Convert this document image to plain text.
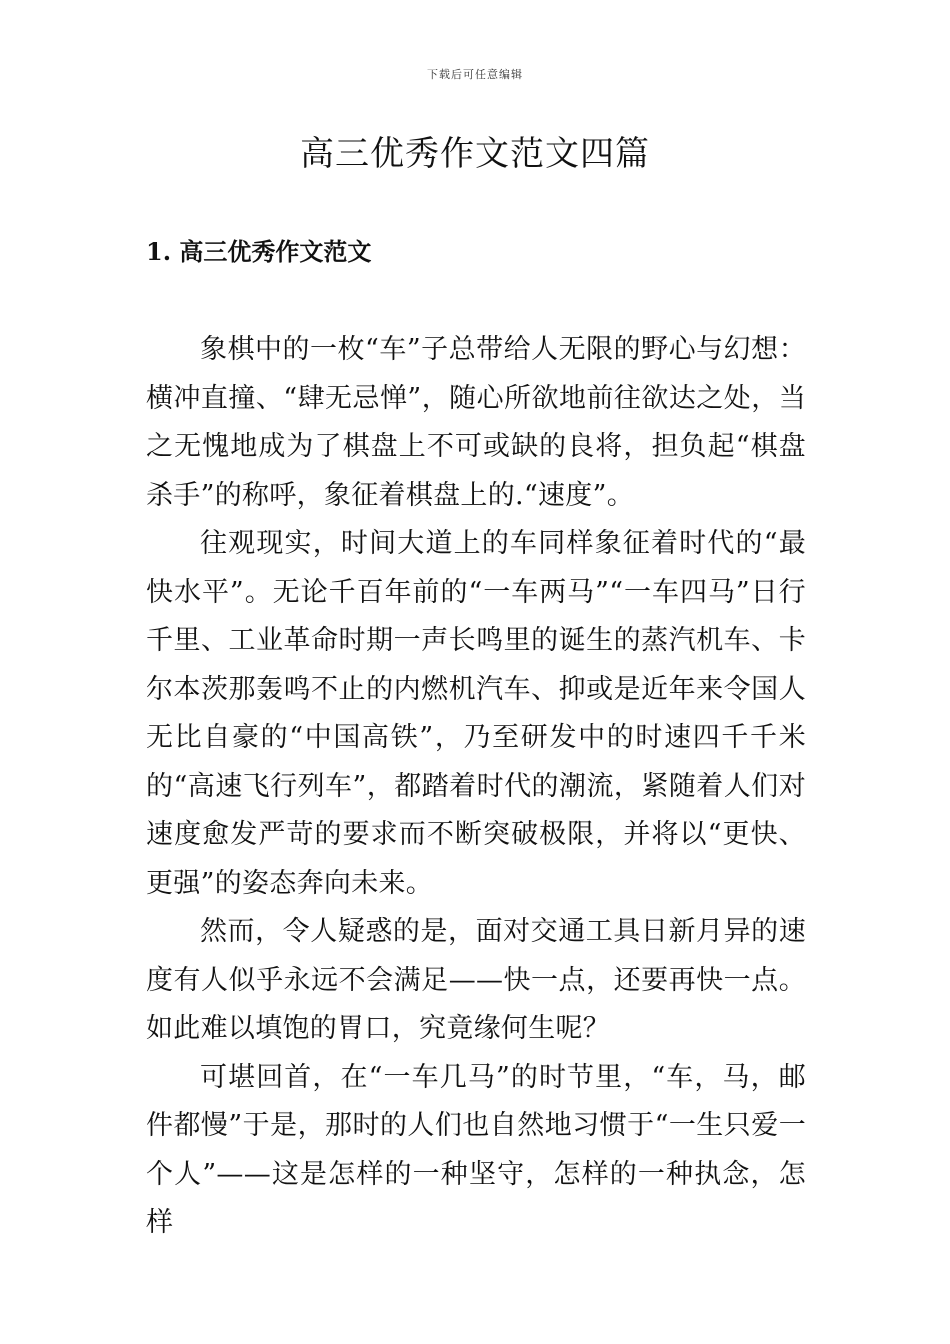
下载后可任意编辑
高三优秀作文范文四篇
1. 高三优秀作文范文

象棋中的一枚“车”子总带给人无限的野心与幻想：横冲直撞、“肆无忌惮”，随心所欲地前往欲达之处，当之无愧地成为了棋盘上不可或缺的良将，担负起“棋盘杀手”的称呼，象征着棋盘上的.“速度”。

往观现实，时间大道上的车同样象征着时代的“最快水平”。无论千百年前的“一车两马”“一车四马”日行千里、工业革命时期一声长鸣里的诞生的蒸汽机车、卡尔本茨那轰鸣不止的内燃机汽车、抑或是近年来令国人无比自豪的“中国高铁”，乃至研发中的时速四千千米的“高速飞行列车”，都踏着时代的潮流，紧随着人们对速度愈发严苛的要求而不断突破极限，并将以“更快、更强”的姿态奔向未来。

然而，令人疑惑的是，面对交通工具日新月异的速度有人似乎永远不会满足——快一点，还要再快一点。如此难以填饱的胃口，究竟缘何生呢？

可堪回首，在“一车几马”的时节里，“车，马，邮件都慢”于是，那时的人们也自然地习惯于“一生只爱一个人”——这是怎样的一种坚守，怎样的一种执念，怎样
